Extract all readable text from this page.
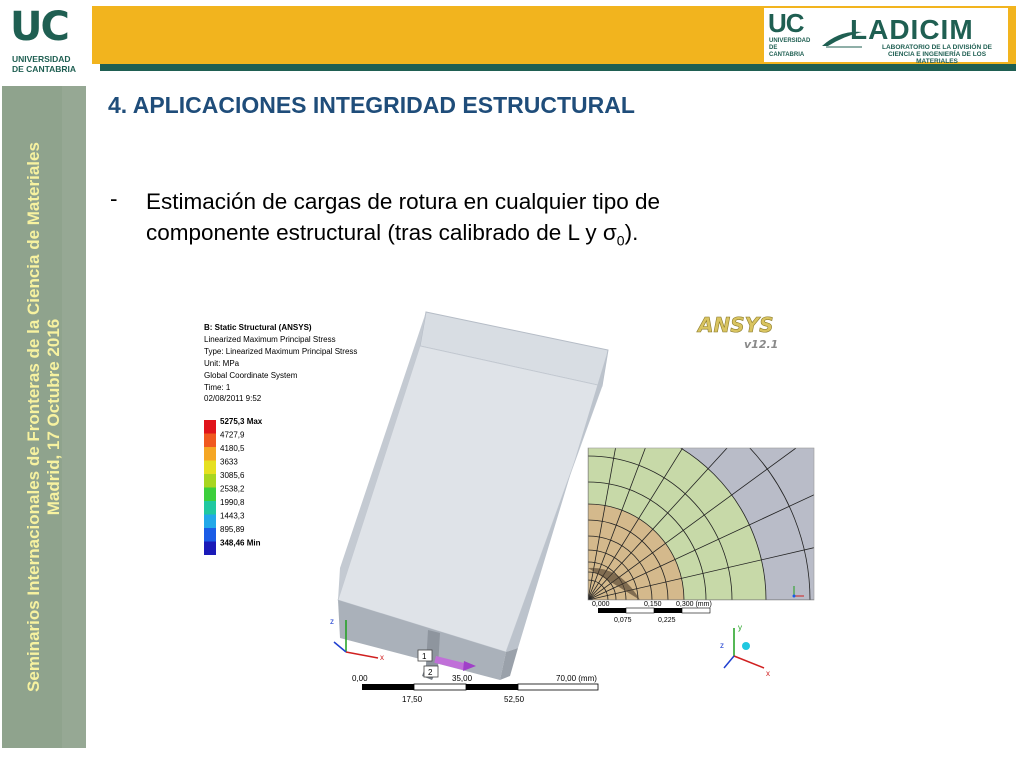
UC
UNIVERSIDAD
DE CANTABRIA
UC
UNIVERSIDAD
DE CANTABRIA
LADICIM
LABORATORIO DE LA DIVISIÓN DE
CIENCIA E INGENIERÍA DE LOS MATERIALES
Seminarios Internacionales de Fronteras de la Ciencia de Materiales Madrid, 17 Octubre 2016
4. APLICACIONES INTEGRIDAD ESTRUCTURAL
- Estimación de cargas de rotura en cualquier tipo de
componente estructural (tras calibrado de L y $\sigma_0$).
B: Static Structural (ANSYS)
Linearized Maximum Principal Stress
Type: Linearized Maximum Principal Stress
Unit: MPa
Global Coordinate System
Time: 1
02/08/2011 9:52
5275,3 Max
4727,9
4180,5
3633
3085,6
2538,2
1990,8
1443,3
895,89
348,46 Min
ANSYS
v12.1
1
2
z
x
0,00	35,00	70,00 (mm)
17,50	52,50
0,000	0,150 0,300 (mm)
0,075	0,225
y
x
z
